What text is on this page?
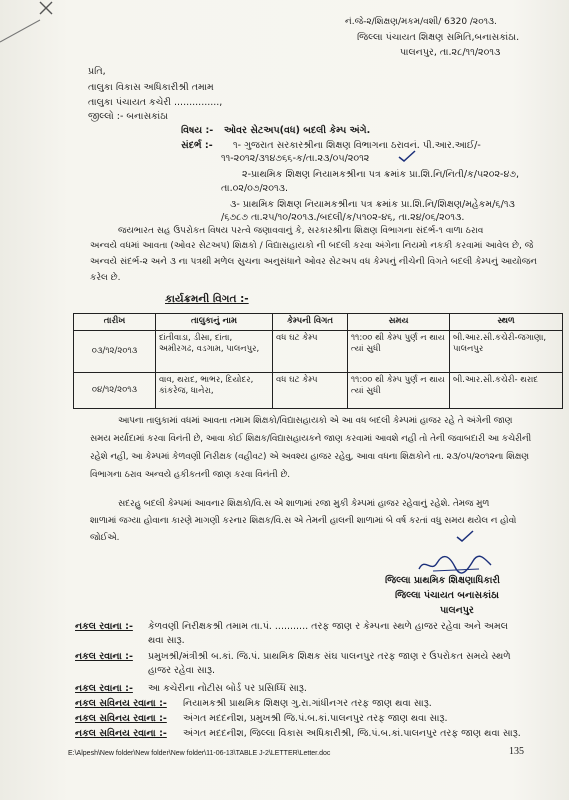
નં.જે-૨/શિક્ષણ/મકમ/વશી/ 6320 /૨૦૧૩.
જિલ્લા પંચાયત શિક્ષણ સમિતિ,બનાસકાંઠા.
પાલનપુર, તા.૨૮/૧૧/૨૦૧૩
પ્રતિ,
તાલુકા વિકાસ અધિકારીશ્રી તમામ
તાલુકા પંચાયત કચેરી ...............,
જીલ્લો :- બનાસકાંઠા
વિષય :- ઓવર સેટઅપ(વધ) બદલી કેમ્પ અંગે.
સંદર્ભ :- ૧- ગુજરાત સરકારશ્રીના શિક્ષણ વિભાગના ઠરાવનં. પી.આર.આઈ/-
૧૧-૨૦૧૨/૩૧૪૭૬૬-ક/તા.૨૩/૦૫/૨૦૧૨
૨-પ્રાથમિક શિક્ષણ નિયામકશ્રીના પત્ર ક્રમાંક પ્રા.શિ.નિ/નિતી/ક/૫૨૦૨-૪૭,
તા.૦૨/૦૭/૨૦૧૩.
૩- પ્રાથમિક શિક્ષણ નિયામકશ્રીના પત્ર ક્રમાંક પ્રા.શિ.નિ/શિક્ષણ/મહેકમ/૬/૧૩
/૬૭૮૭ તા.૨૫/૧૦/૨૦૧૩./બદલી/ક/૫૧૦૨-૪૬, તા.૨૪/૦૬/૨૦૧૩.
જયભારત સહ ઉપરોકત વિષય પરત્વે જણાવવાનું કે, સરકારશ્રીના શિક્ષણ વિભાગના સંદર્ભ-૧ વાળા ઠરાવ
અન્વયે વધમાં આવતા (ઓવર સેટઅપ) શિક્ષકો / વિદ્યાસહાયકો ની બદલી કરવા અંગેના નિયમો નકકી કરવામાં આવેલ છે, જે
અન્વયે સંદર્ભ-૨ અને ૩ ના પત્રથી મળેલ સુચના અનુસંધાને ઓવર સેટઅપ વધ કેમ્પનું નીચેની વિગતે બદલી કેમ્પનું આયોજન
કરેલ છે.
કાર્યક્રમની વિગત :-
તારીખ	તાલુકાનું નામ	કેમ્પની વિગત	સમય	સ્થળ
૦૩/૧૨/૨૦૧૩	દાંતીવાડા, ડીસા, દાંતા, અમીરગઢ, વડગામ, પાલનપુર,	વધ ઘટ કેમ્પ	૧૧:૦૦ થી કેમ્પ પુર્ણ ન થાય ત્યાં સુધી	બી.આર.સી.કચેરી-જગાણા, પાલનપુર
૦૪/૧૨/૨૦૧૩	વાવ, થરાદ, ભાભર, દિયોદર, કાંકરેજ, ધાનેરા,	વધ ઘટ કેમ્પ	૧૧:૦૦ થી કેમ્પ પુર્ણ ન થાય ત્યાં સુધી	બી.આર.સી.કચેરી- થરાદ
આપના તાલુકામાં વધમાં આવતા તમામ શિક્ષકો/વિદ્યાસહાયકો એ આ વધ બદલી કેમ્પમાં હાજર રહે તે અંગેની જાણ
સમય મર્યાદામાં કરવા વિનંતી છે, આવા કોઈ શિક્ષક/વિદ્યાસહાયકને જાણ કરવામાં આવશે નહી તો તેની જવાબદારી આ કચેરીની
રહેશે નહી, આ કેમ્પમાં કેળવણી નિરીક્ષક (વહીવટ) એ અવશ્ય હાજર રહેવુ, આવા વધના શિક્ષકોને તા. ૨૩/૦૫/૨૦૧૨ના શિક્ષણ
વિભાગના ઠરાવ અન્વયે હકીકતની જાણ કરવા વિનંતી છે.
સદરહુ બદલી કેમ્પમાં આવનાર શિક્ષકો/વિ.સ એ શાળામાં રજા મુકી કેમ્પમાં હાજર રહેવાનું રહેશે. તેમજ મુળ
શાળામાં જગ્યા હોવાના કારણે માગણી કરનાર શિક્ષક/વિ.સ એ તેમની હાલની શાળામાં બે વર્ષ કરતાં વધુ સમય થયેલ ન હોવો
જોઈએ.
જિલ્લા પ્રાથમિક શિક્ષણાધિકારી
જિલ્લા પંચાયત બનાસકાંઠા
પાલનપુર
નકલ રવાના :- કેળવણી નિરીક્ષકશ્રી તમામ તા.પં. ........... તરફ જાણ ર કેમ્પના સ્થળે હાજર રહેવા અને અમલ
થવા સારૂ.
નકલ રવાના :- પ્રમુખશ્રી/મંત્રીશ્રી બ.કાં. જિ.પં. પ્રાથમિક શિક્ષક સંઘ પાલનપુર તરફ જાણ ર ઉપરોકત સમયે સ્થળે
હાજર રહેવા સારૂ.
નકલ રવાના :- આ કચેરીના નોટીસ બોર્ડ પર પ્રસિધ્ધિ સારૂ.
નકલ સવિનય રવાના :- નિયામકશ્રી પ્રાથમિક શિક્ષણ ગુ.રા.ગાંધીનગર તરફ જાણ થવા સારૂ.
નકલ સવિનય રવાના :- અંગત મદદનીશ, પ્રમુખશ્રી જિ.પં.બ.કાં.પાલનપુર તરફ જાણ થવા સારૂ.
નકલ સવિનય રવાના :- અંગત મદદનીશ, જિલ્લા વિકાસ અધિકારીશ્રી, જિ.પં.બ.કાં.પાલનપુર તરફ જાણ થવા સારૂ.
E:\Alpesh\New folder\New folder\New folder\11-06-13\TABLE J-2\LETTER\Letter.doc	135
